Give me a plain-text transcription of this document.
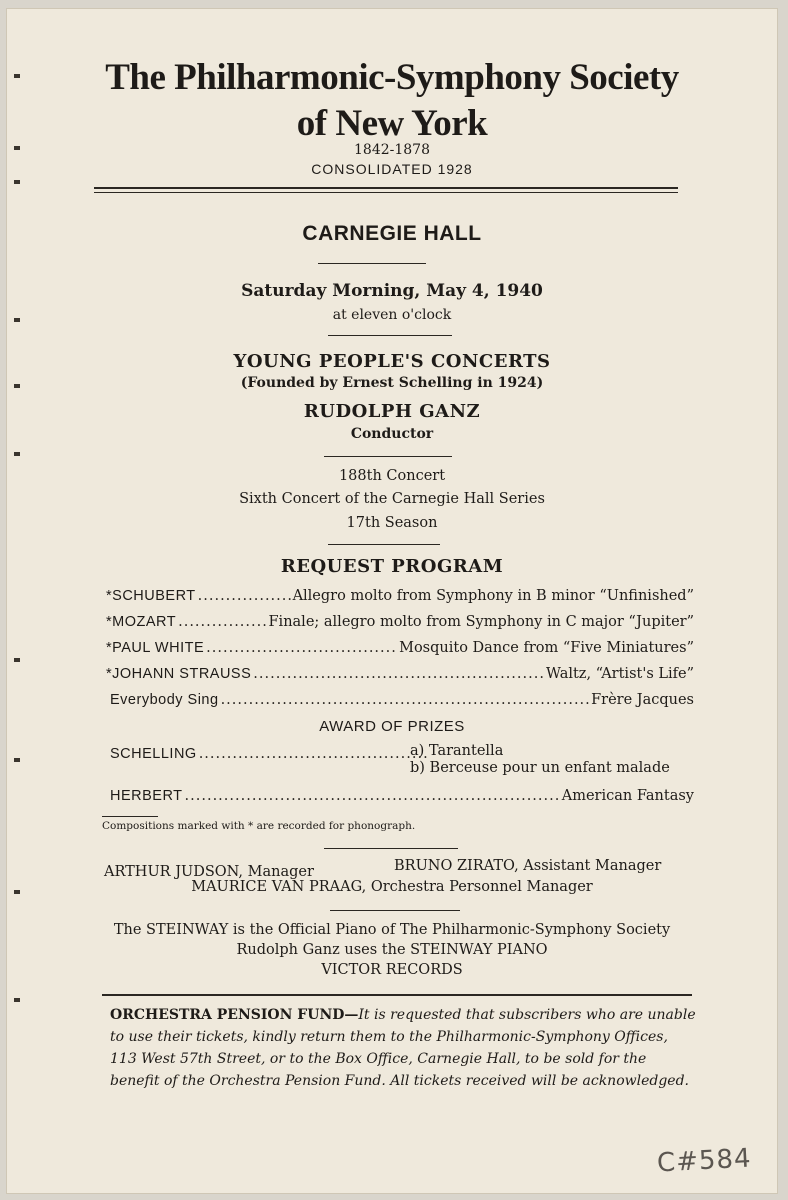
The Philharmonic-Symphony Society
of New York
1842-1878
CONSOLIDATED 1928
CARNEGIE HALL
Saturday Morning, May 4, 1940
at eleven o'clock
YOUNG PEOPLE'S CONCERTS
(Founded by Ernest Schelling in 1924)
RUDOLPH GANZ
Conductor
188th Concert
Sixth Concert of the Carnegie Hall Series
17th Season
REQUEST PROGRAM
*SCHUBERT .....	Allegro molto from Symphony in B minor “Unfinished”
*MOZART .....	Finale; allegro molto from Symphony in C major “Jupiter”
*PAUL WHITE .....	Mosquito Dance from “Five Miniatures”
*JOHANN STRAUSS .....	Waltz, “Artist's Life”
Everybody Sing .....	Frère Jacques
AWARD OF PRIZES
SCHELLING .....	a) Tarantella
b) Berceuse pour un enfant malade
HERBERT .....	American Fantasy
Compositions marked with * are recorded for phonograph.
ARTHUR JUDSON, Manager	BRUNO ZIRATO, Assistant Manager
MAURICE VAN PRAAG, Orchestra Personnel Manager
The STEINWAY is the Official Piano of The Philharmonic-Symphony Society
Rudolph Ganz uses the STEINWAY PIANO
VICTOR RECORDS
ORCHESTRA PENSION FUND—It is requested that subscribers who are unable
to use their tickets, kindly return them to the Philharmonic-Symphony Offices,
113 West 57th Street, or to the Box Office, Carnegie Hall, to be sold for the
benefit of the Orchestra Pension Fund. All tickets received will be acknowledged.
C#584
